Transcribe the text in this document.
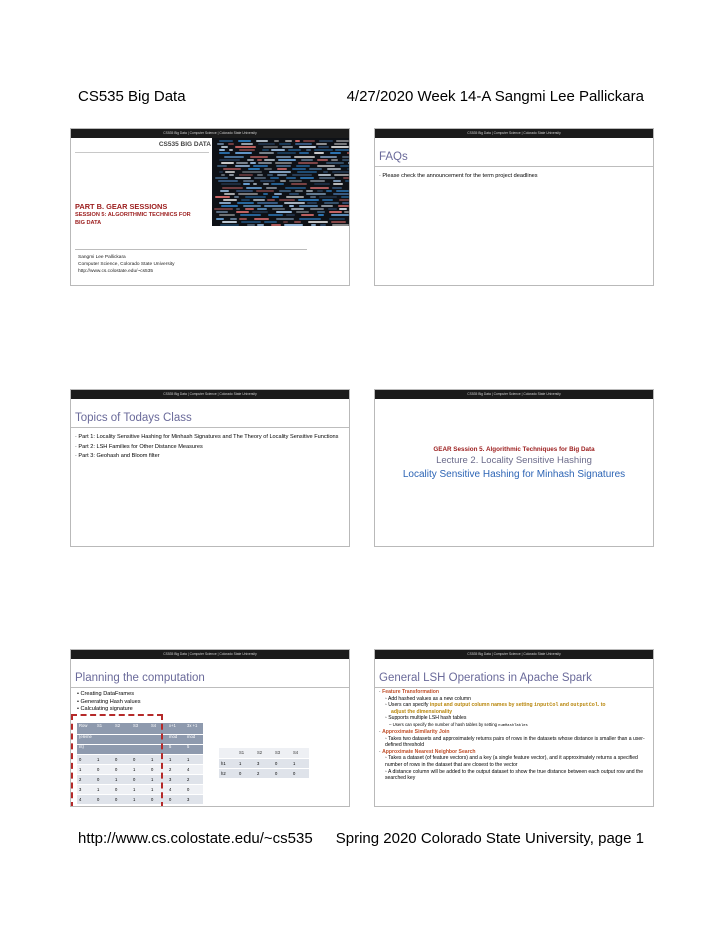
CS535 Big Data	4/27/2020 Week 14-A Sangmi Lee Pallickara
CS535 Big Data | Computer Science | Colorado State University
CS535 BIG DATA
PART B. GEAR SESSIONS
SESSION 5: ALGORITHMIC TECHNICS FOR
BIG DATA
Sangmi Lee Pallickara
Computer Science, Colorado State University
http://www.cs.colostate.edu/~cs535
CS535 Big Data | Computer Science | Colorado State University
FAQs
· Please check the announcement for the term project deadlines
CS535 Big Data | Computer Science | Colorado State University
Topics of Todays Class
· Part 1: Locality Sensitive Hashing for Minhash Signatures and The Theory of Locality Sensitive Functions
· Part 2: LSH Families for Other Distance Measures
· Part 3: Geohash and Bloom filter
CS535 Big Data | Computer Science | Colorado State University
GEAR Session 5. Algorithmic Techniques for Big Data
Lecture 2. Locality Sensitive Hashing
Locality Sensitive Hashing for Minhash Signatures
CS535 Big Data | Computer Science | Colorado State University
Planning the computation
• Creating DataFrames
• Generating Hash values
• Calculating signature
Row	S1	S2	S3	S4	x+1	3x +1
(eleme					mod	mod
nt)					5	5
0	1	0	0	1	1	1
1	0	0	1	0	2	4
2	0	1	0	1	3	2
3	1	0	1	1	4	0
4	0	0	1	0	0	3
	S1	S2	S3	S4
h1	1	3	0	1
h2	0	2	0	0
CS535 Big Data | Computer Science | Colorado State University
General LSH Operations in Apache Spark
· Feature Transformation
◦ Add hashed values as a new column
◦ Users can specify input and output column names by setting inputCol and outputCol. to
adjust the dimensionality
◦ Supports multiple LSH hash tables
– Users can specify the number of hash tables by setting numHashTables
· Approximate Similarity Join
◦ Takes two datasets and approximately returns pairs of rows in the datasets whose distance is smaller than a user-defined threshold
· Approximate Nearest Neighbor Search
◦ Takes a dataset (of feature vectors) and a key (a single feature vector), and it approximately returns a specified number of rows in the dataset that are closest to the vector
◦ A distance column will be added to the output dataset to show the true distance between each output row and the searched key
http://www.cs.colostate.edu/~cs535 Spring 2020 Colorado State University, page 1
